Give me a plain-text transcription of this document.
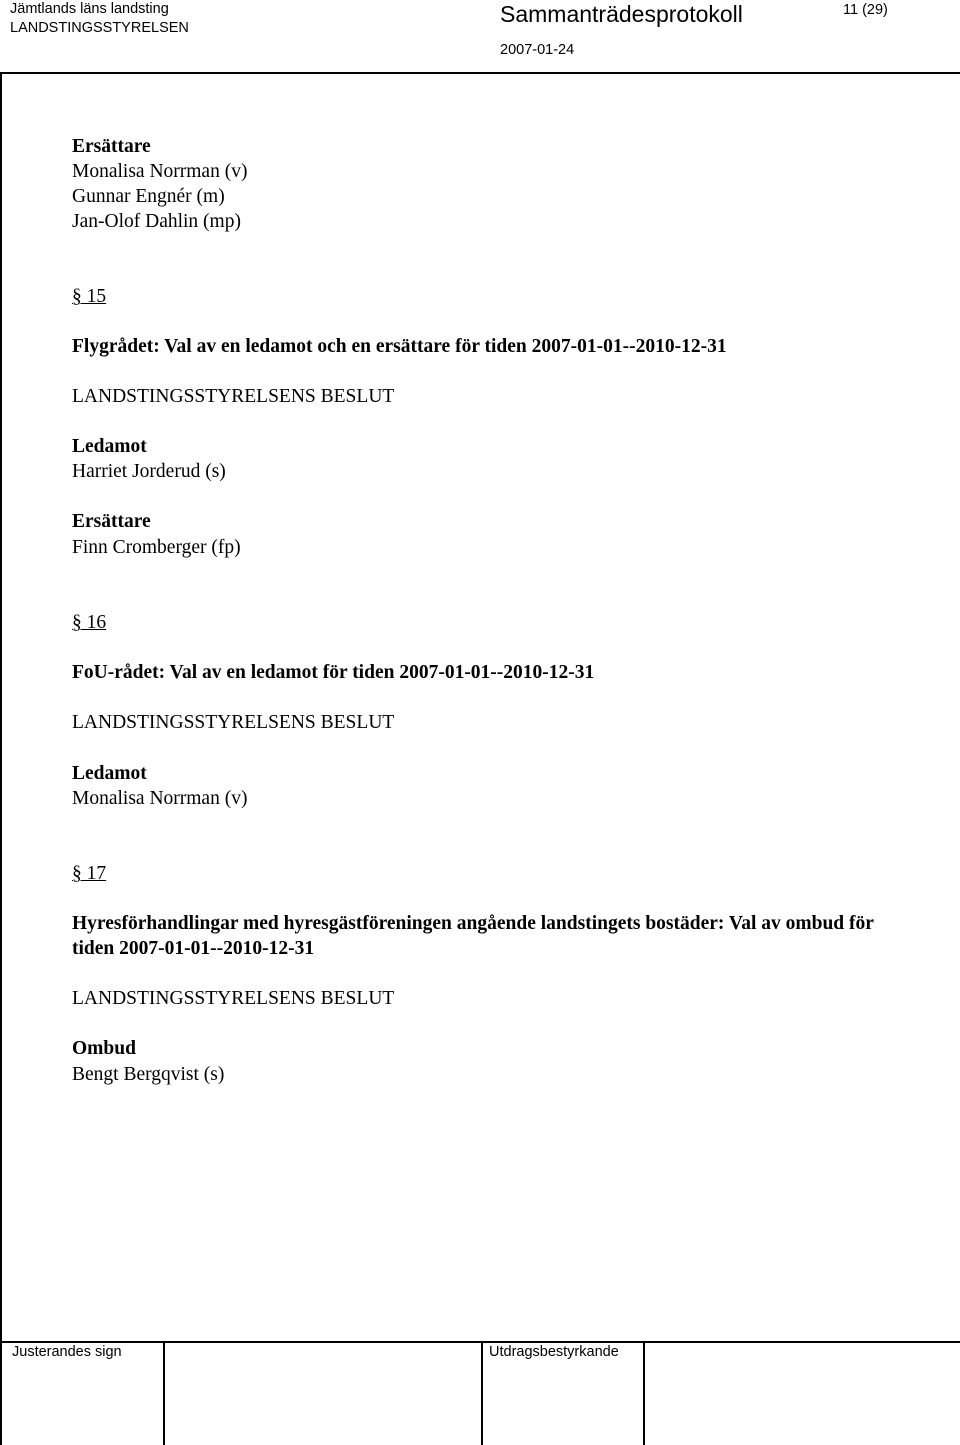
Jämtlands läns landsting
LANDSTINGSSTYRELSEN
Sammanträdesprotokoll	11 (29)
2007-01-24
Ersättare
Monalisa Norrman (v)
Gunnar Engnér (m)
Jan-Olof Dahlin (mp)
§ 15
Flygrådet: Val av en ledamot och en ersättare för tiden 2007-01-01--2010-12-31
LANDSTINGSSTYRELSENS BESLUT
Ledamot
Harriet Jorderud (s)
Ersättare
Finn Cromberger (fp)
§ 16
FoU-rådet: Val av en ledamot för tiden 2007-01-01--2010-12-31
LANDSTINGSSTYRELSENS BESLUT
Ledamot
Monalisa Norrman (v)
§ 17
Hyresförhandlingar med hyresgästföreningen angående landstingets bostäder: Val av ombud för
tiden 2007-01-01--2010-12-31
LANDSTINGSSTYRELSENS BESLUT
Ombud
Bengt Bergqvist (s)
Justerandes sign	Utdragsbestyrkande
